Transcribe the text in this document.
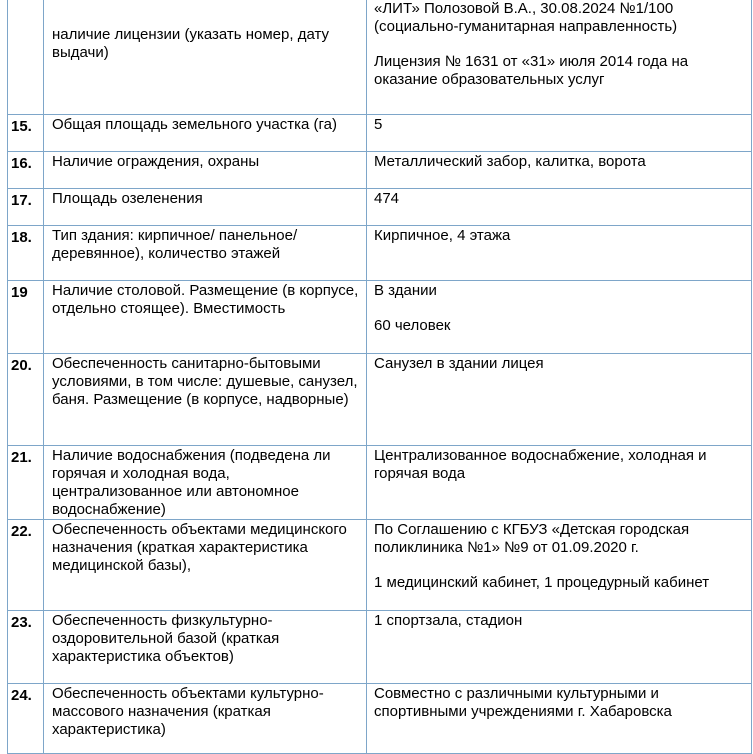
	наличие лицензии (указать номер, дату выдачи)	«ЛИТ» Полозовой В.А., 30.08.2024 №1/100 (социально-гуманитарная направленность)
Лицензия № 1631 от «31» июля 2014 года на оказание образовательных услуг

15.	Общая площадь земельного участка (га)	5

16.	Наличие ограждения, охраны	Металлический забор, калитка, ворота

17.	Площадь озеленения	474

18.	Тип здания: кирпичное/ панельное/ деревянное), количество этажей	Кирпичное, 4 этажа

19	Наличие столовой. Размещение (в корпусе, отдельно стоящее). Вместимость	В здании
60 человек

20.	Обеспеченность санитарно-бытовыми условиями, в том числе: душевые, санузел, баня. Размещение (в корпусе, надворные)	Санузел в здании лицея

21.	Наличие водоснабжения (подведена ли горячая и холодная вода, централизованное или автономное водоснабжение)	Централизованное водоснабжение, холодная и горячая вода

22.	Обеспеченность объектами медицинского назначения (краткая характеристика медицинской базы),	По Соглашению с КГБУЗ «Детская городская поликлиника №1» №9 от 01.09.2020 г.
1 медицинский кабинет, 1 процедурный кабинет

23.	Обеспеченность физкультурно-оздоровительной базой (краткая характеристика объектов)	1 спортзала, стадион

24.	Обеспеченность объектами культурно-массового назначения (краткая характеристика)	Совместно с различными культурными и спортивными учреждениями г. Хабаровска
